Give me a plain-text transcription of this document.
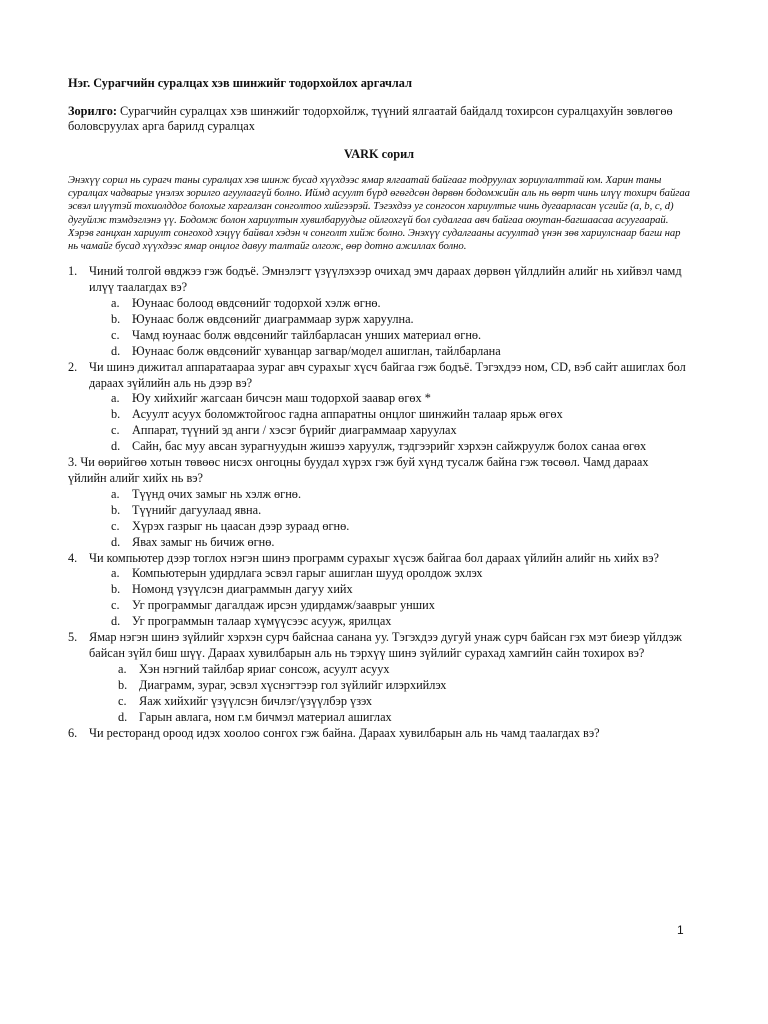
Нэг. Сурагчийн суралцах хэв шинжийг тодорхойлох аргачлал

Зорилго: Сурагчийн суралцах хэв шинжийг тодорхойлж, түүний ялгаатай байдалд тохирсон суралцахуйн зөвлөгөө боловсруулах арга барилд суралцах
VARK сорил
Энэхүү сорил нь сурагч таны суралцах хэв шинж бусад хүүхдээс ямар ялгаатай байгааг тодруулах зориулалттай юм. Харин таны суралцах чадварыг үнэлэх зорилго агуулаагүй болно. Иймд асуулт бүрд өгөгдсөн дөрвөн бодомжийн аль нь өөрт чинь илүү тохирч байгаа эсвэл илүүтэй тохиолддог болохыг харгалзан сонголтоо хийгээрэй. Тэгэхдээ уг сонгосон хариултыг чинь дугаарласан үсгийг (a, b, c, d) дугуйлж тэмдэглэнэ үү. Бодомж болон хариултын хувилбаруудыг ойлгохгүй бол судалгаа авч байгаа оюутан-багшаасаа асуугаарай. Хэрэв ганцхан хариулт сонгоход хэцүү байвал хэдэн ч сонголт хийж болно. Энэхүү судалгааны асуултад үнэн зөв хариулснаар багш нар нь чамайг бусад хүүхдээс ямар онцлог давуу талтайг олгож, өөр дотно ажиллах болно.
1. Чиний толгой өвджээ гэж бодъё. Эмнэлэгт үзүүлэхээр очихад эмч дараах дөрвөн үйлдлийн алийг нь хийвэл чамд илүү таалагдах вэ?
a. Юунаас болоод өвдсөнийг тодорхой хэлж өгнө.
b. Юунаас болж өвдсөнийг диаграммаар зурж харуулна.
c. Чамд юунаас болж өвдсөнийг тайлбарласан унших материал өгнө.
d. Юунаас болж өвдсөнийг хуванцар загвар/модел ашиглан, тайлбарлана
2. Чи шинэ дижитал аппаратаараа зураг авч сурахыг хүсч байгаа гэж бодъё. Тэгэхдээ ном, CD, вэб сайт ашиглах бол дараах зүйлийн аль нь дээр вэ?
a. Юу хийхийг жагсаан бичсэн маш тодорхой заавар өгөх *
b. Асуулт асуух боломжтойгоос гадна аппаратны онцлог шинжийн талаар ярьж өгөх
c. Аппарат, түүний эд анги / хэсэг бүрийг диаграммаар харуулах
d. Сайн, бас муу авсан зурагнуудын жишээ харуулж, тэдгээрийг хэрхэн сайжруулж болох санаа өгөх
3. Чи өөрийгөө хотын төвөөс нисэх онгоцны буудал хүрэх гэж буй хүнд тусалж байна гэж төсөөл. Чамд дараах үйлийн алийг хийх нь вэ?
a. Түүнд очих замыг нь хэлж өгнө.
b. Түүнийг дагуулаад явна.
c. Хүрэх газрыг нь цаасан дээр зураад өгнө.
d. Явах замыг нь бичиж өгнө.
4. Чи компьютер дээр тоглох нэгэн шинэ программ сурахыг хүсэж байгаа бол дараах үйлийн алийг нь хийх вэ?
a. Компьютерын удирдлага эсвэл гарыг ашиглан шууд оролдож эхлэх
b. Номонд үзүүлсэн диаграммын дагуу хийх
c. Уг программыг дагалдаж ирсэн удирдамж/зааврыг унших
d. Уг программын талаар хүмүүсээс асууж, ярилцах
5. Ямар нэгэн шинэ зүйлийг хэрхэн сурч байснаа санана уу. Тэгэхдээ дугуй унаж сурч байсан гэх мэт биеэр үйлдэж байсан зүйл биш шүү. Дараах хувилбарын аль нь тэрхүү шинэ зүйлийг сурахад хамгийн сайн тохирох вэ?
a. Хэн нэгний тайлбар яриаг сонсож, асуулт асуух
b. Диаграмм, зураг, эсвэл хүснэгтээр гол зүйлийг илэрхийлэх
c. Яаж хийхийг үзүүлсэн бичлэг/үзүүлбэр үзэх
d. Гарын авлага, ном г.м бичмэл материал ашиглах
6. Чи ресторанд ороод идэх хоолоо сонгох гэж байна. Дараах хувилбарын аль нь чамд таалагдах вэ?
1
